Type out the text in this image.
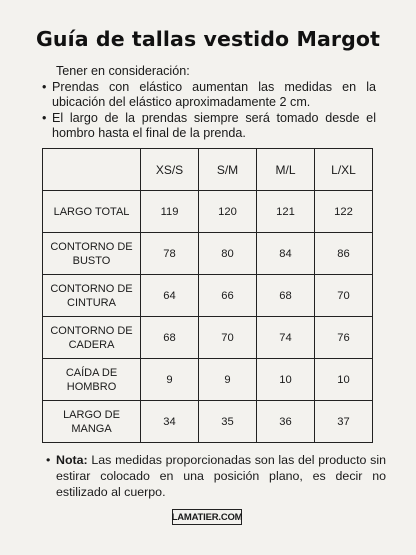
Guía de tallas vestido Margot
Tener en consideración:
• Prendas con elástico aumentan las medidas en la ubicación del elástico aproximadamente 2 cm.
• El largo de la prendas siempre será tomado desde el hombro hasta el final de la prenda.
	XS/S	S/M	M/L	L/XL
LARGO TOTAL	119	120	121	122
CONTORNO DE BUSTO	78	80	84	86
CONTORNO DE CINTURA	64	66	68	70
CONTORNO DE CADERA	68	70	74	76
CAÍDA DE HOMBRO	9	9	10	10
LARGO DE MANGA	34	35	36	37
• Nota: Las medidas proporcionadas son las del producto sin estirar colocado en una posición plano, es decir no estilizado al cuerpo.
LAMATIER.COM
